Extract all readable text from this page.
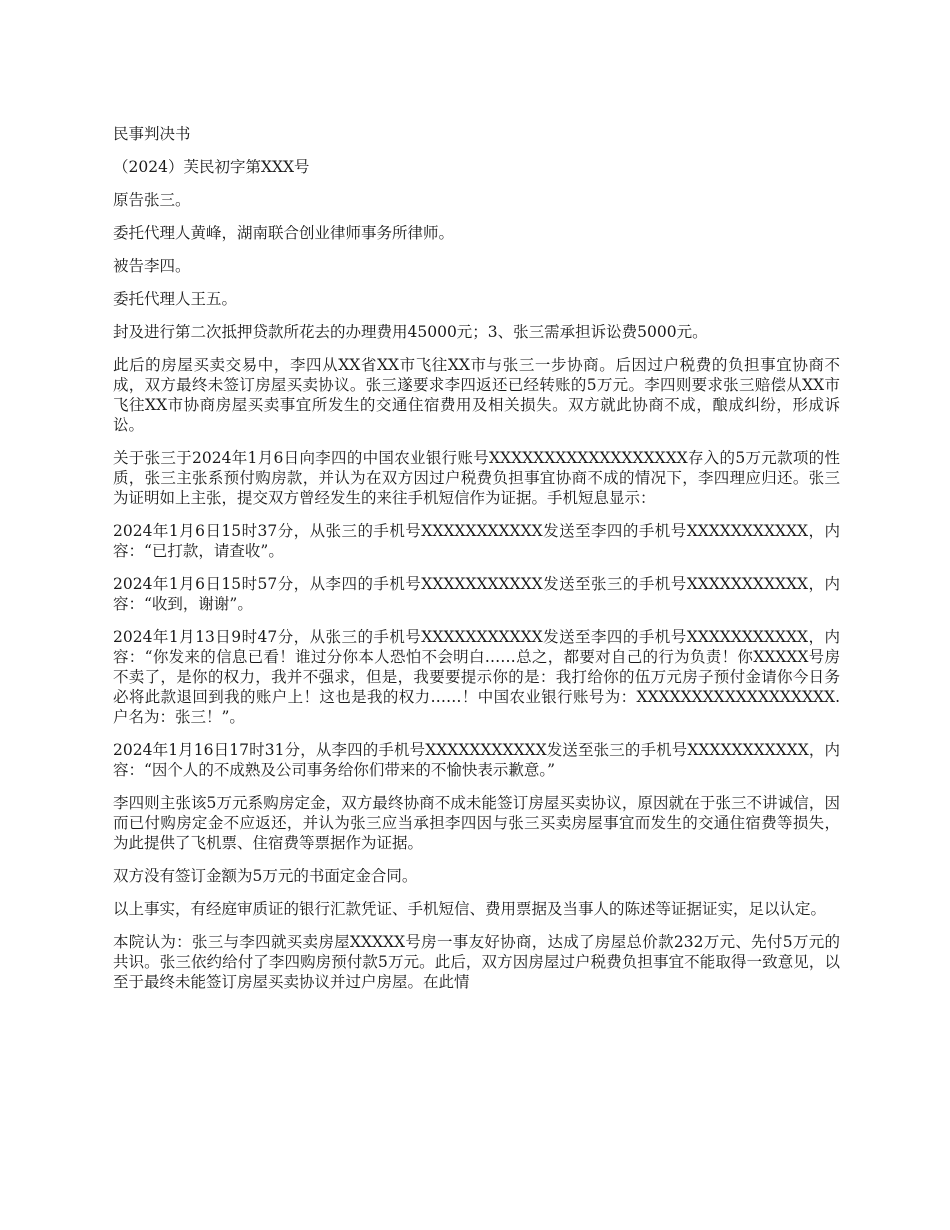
民事判决书

（2024）芙民初字第XXX号

原告张三。

委托代理人黄峰，湖南联合创业律师事务所律师。

被告李四。

委托代理人王五。

封及进行第二次抵押贷款所花去的办理费用45000元；3、张三需承担诉讼费5000元。

此后的房屋买卖交易中，李四从XX省XX市飞往XX市与张三一步协商。后因过户税费的负担事宜协商不成，双方最终未签订房屋买卖协议。张三遂要求李四返还已经转账的5万元。李四则要求张三赔偿从XX市飞往XX市协商房屋买卖事宜所发生的交通住宿费用及相关损失。双方就此协商不成，酿成纠纷，形成诉讼。

关于张三于2024年1月6日向李四的中国农业银行账号XXXXXXXXXXXXXXXXXX存入的5万元款项的性质，张三主张系预付购房款，并认为在双方因过户税费负担事宜协商不成的情况下，李四理应归还。张三为证明如上主张，提交双方曾经发生的来往手机短信作为证据。手机短息显示：

2024年1月6日15时37分，从张三的手机号XXXXXXXXXXX发送至李四的手机号XXXXXXXXXXX，内容：“已打款，请查收”。

2024年1月6日15时57分，从李四的手机号XXXXXXXXXXX发送至张三的手机号XXXXXXXXXXX，内容：“收到，谢谢”。

2024年1月13日9时47分，从张三的手机号XXXXXXXXXXX发送至李四的手机号XXXXXXXXXXX，内容：“你发来的信息已看！谁过分你本人恐怕不会明白……总之，都要对自己的行为负责！你XXXXX号房不卖了，是你的权力，我并不强求，但是，我要要提示你的是：我打给你的伍万元房子预付金请你今日务必将此款退回到我的账户上！这也是我的权力……！中国农业银行账号为：XXXXXXXXXXXXXXXXXX.户名为：张三！”。

2024年1月16日17时31分，从李四的手机号XXXXXXXXXXX发送至张三的手机号XXXXXXXXXXX，内容：“因个人的不成熟及公司事务给你们带来的不愉快表示歉意。”

李四则主张该5万元系购房定金，双方最终协商不成未能签订房屋买卖协议，原因就在于张三不讲诚信，因而已付购房定金不应返还，并认为张三应当承担李四因与张三买卖房屋事宜而发生的交通住宿费等损失，为此提供了飞机票、住宿费等票据作为证据。

双方没有签订金额为5万元的书面定金合同。

以上事实，有经庭审质证的银行汇款凭证、手机短信、费用票据及当事人的陈述等证据证实，足以认定。

本院认为：张三与李四就买卖房屋XXXXX号房一事友好协商，达成了房屋总价款232万元、先付5万元的共识。张三依约给付了李四购房预付款5万元。此后，双方因房屋过户税费负担事宜不能取得一致意见，以至于最终未能签订房屋买卖协议并过户房屋。在此情
